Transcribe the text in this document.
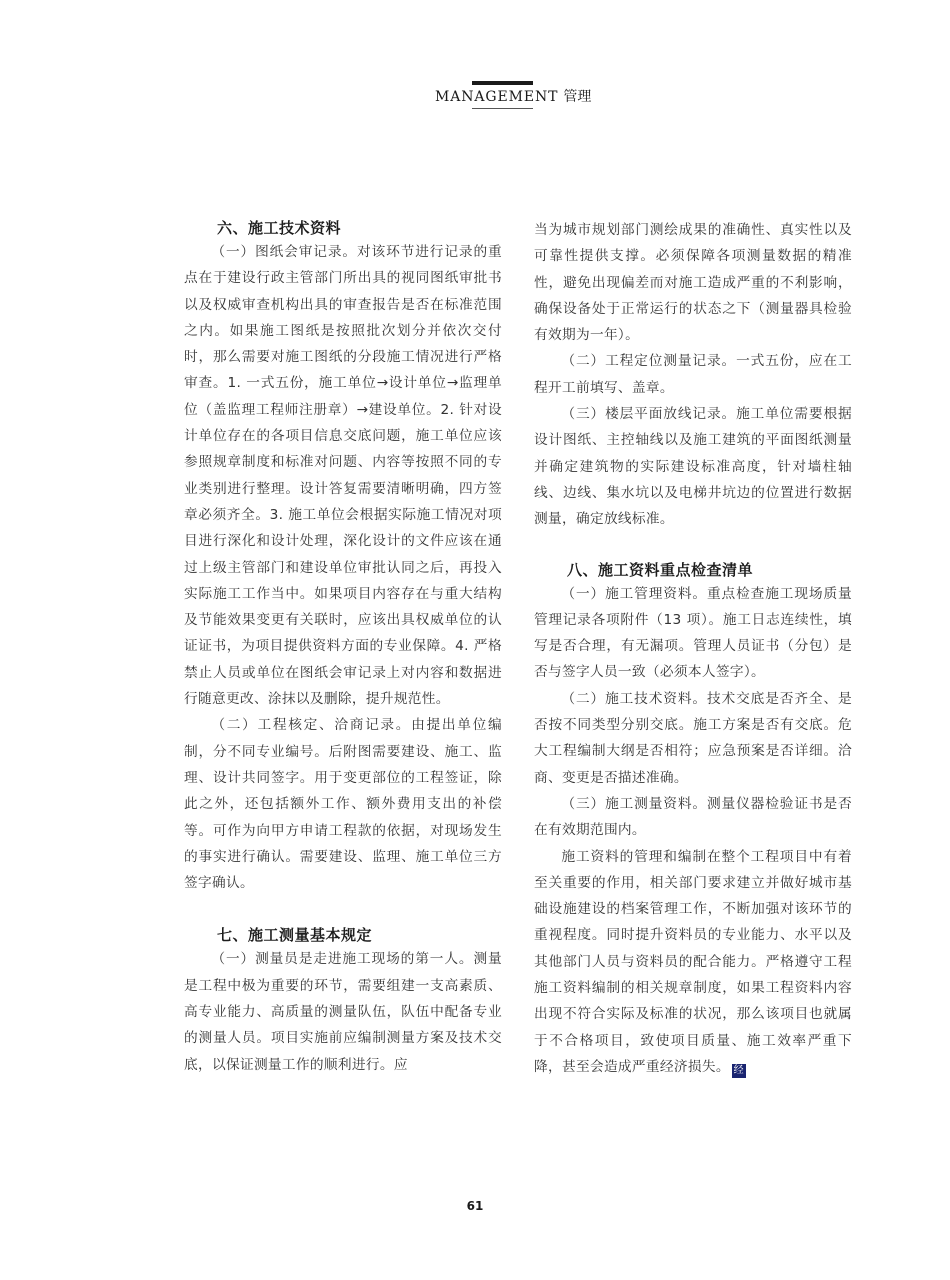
MANAGEMENT 管理
六、施工技术资料

（一）图纸会审记录。对该环节进行记录的重点在于建设行政主管部门所出具的视同图纸审批书以及权威审查机构出具的审查报告是否在标准范围之内。如果施工图纸是按照批次划分并依次交付时，那么需要对施工图纸的分段施工情况进行严格审查。1. 一式五份，施工单位→设计单位→监理单位（盖监理工程师注册章）→建设单位。2. 针对设计单位存在的各项目信息交底问题，施工单位应该参照规章制度和标准对问题、内容等按照不同的专业类别进行整理。设计答复需要清晰明确，四方签章必须齐全。3. 施工单位会根据实际施工情况对项目进行深化和设计处理，深化设计的文件应该在通过上级主管部门和建设单位审批认同之后，再投入实际施工工作当中。如果项目内容存在与重大结构及节能效果变更有关联时，应该出具权威单位的认证证书，为项目提供资料方面的专业保障。4. 严格禁止人员或单位在图纸会审记录上对内容和数据进行随意更改、涂抹以及删除，提升规范性。

（二）工程核定、洽商记录。由提出单位编制，分不同专业编号。后附图需要建设、施工、监理、设计共同签字。用于变更部位的工程签证，除此之外，还包括额外工作、额外费用支出的补偿等。可作为向甲方申请工程款的依据，对现场发生的事实进行确认。需要建设、监理、施工单位三方签字确认。

七、施工测量基本规定

（一）测量员是走进施工现场的第一人。测量是工程中极为重要的环节，需要组建一支高素质、高专业能力、高质量的测量队伍，队伍中配备专业的测量人员。项目实施前应编制测量方案及技术交底，以保证测量工作的顺利进行。应

当为城市规划部门测绘成果的准确性、真实性以及可靠性提供支撑。必须保障各项测量数据的精准性，避免出现偏差而对施工造成严重的不利影响，确保设备处于正常运行的状态之下（测量器具检验有效期为一年）。

（二）工程定位测量记录。一式五份，应在工程开工前填写、盖章。

（三）楼层平面放线记录。施工单位需要根据设计图纸、主控轴线以及施工建筑的平面图纸测量并确定建筑物的实际建设标准高度，针对墙柱轴线、边线、集水坑以及电梯井坑边的位置进行数据测量，确定放线标准。

八、施工资料重点检查清单

（一）施工管理资料。重点检查施工现场质量管理记录各项附件（13 项）。施工日志连续性，填写是否合理，有无漏项。管理人员证书（分包）是否与签字人员一致（必须本人签字）。

（二）施工技术资料。技术交底是否齐全、是否按不同类型分别交底。施工方案是否有交底。危大工程编制大纲是否相符；应急预案是否详细。洽商、变更是否描述准确。

（三）施工测量资料。测量仪器检验证书是否在有效期范围内。

施工资料的管理和编制在整个工程项目中有着至关重要的作用，相关部门要求建立并做好城市基础设施建设的档案管理工作，不断加强对该环节的重视程度。同时提升资料员的专业能力、水平以及其他部门人员与资料员的配合能力。严格遵守工程施工资料编制的相关规章制度，如果工程资料内容出现不符合实际及标准的状况，那么该项目也就属于不合格项目，致使项目质量、施工效率严重下降，甚至会造成严重经济损失。 经

61
